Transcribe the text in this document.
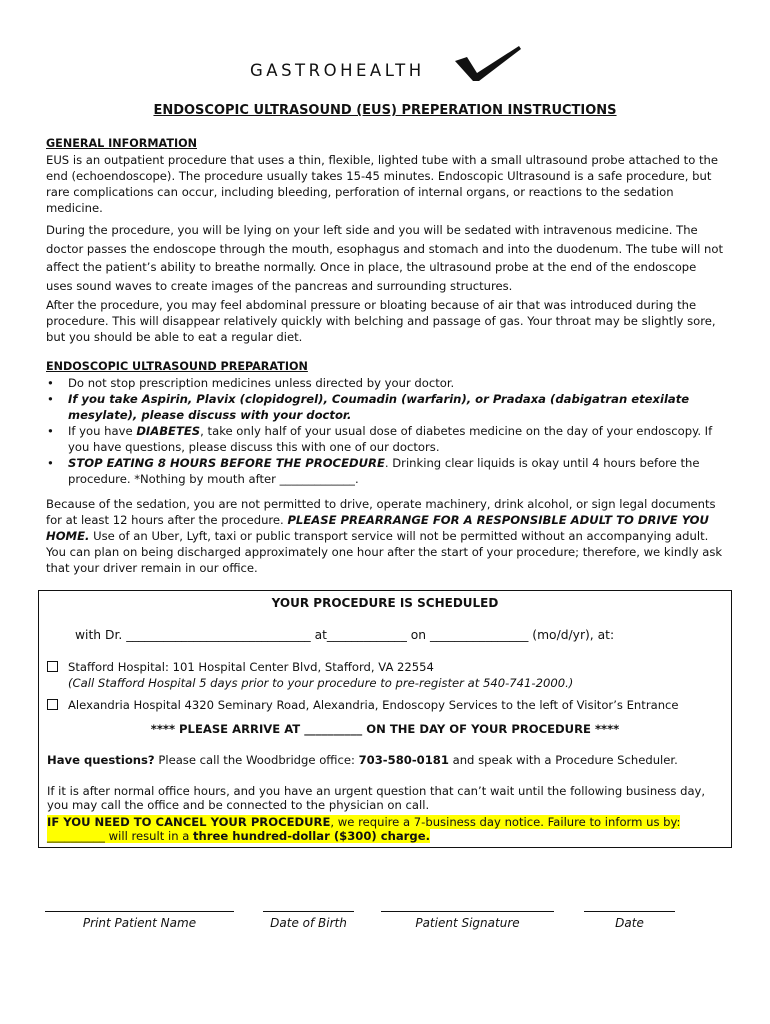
GASTROHEALTH
ENDOSCOPIC ULTRASOUND (EUS) PREPERATION INSTRUCTIONS
GENERAL INFORMATION

EUS is an outpatient procedure that uses a thin, flexible, lighted tube with a small ultrasound probe attached to the end (echoendoscope). The procedure usually takes 15-45 minutes. Endoscopic Ultrasound is a safe procedure, but rare complications can occur, including bleeding, perforation of internal organs, or reactions to the sedation medicine.

During the procedure, you will be lying on your left side and you will be sedated with intravenous medicine. The doctor passes the endoscope through the mouth, esophagus and stomach and into the duodenum. The tube will not affect the patient’s ability to breathe normally. Once in place, the ultrasound probe at the end of the endoscope uses sound waves to create images of the pancreas and surrounding structures.
After the procedure, you may feel abdominal pressure or bloating because of air that was introduced during the procedure. This will disappear relatively quickly with belching and passage of gas. Your throat may be slightly sore, but you should be able to eat a regular diet.
ENDOSCOPIC ULTRASOUND PREPARATION
• Do not stop prescription medicines unless directed by your doctor.
• If you take Aspirin, Plavix (clopidogrel), Coumadin (warfarin), or Pradaxa (dabigatran etexilate mesylate), please discuss with your doctor.
• If you have DIABETES, take only half of your usual dose of diabetes medicine on the day of your endoscopy. If you have questions, please discuss this with one of our doctors.
• STOP EATING 8 HOURS BEFORE THE PROCEDURE. Drinking clear liquids is okay until 4 hours before the procedure. *Nothing by mouth after _____________.
Because of the sedation, you are not permitted to drive, operate machinery, drink alcohol, or sign legal documents for at least 12 hours after the procedure. PLEASE PREARRANGE FOR A RESPONSIBLE ADULT TO DRIVE YOU HOME. Use of an Uber, Lyft, taxi or public transport service will not be permitted without an accompanying adult. You can plan on being discharged approximately one hour after the start of your procedure; therefore, we kindly ask that your driver remain in our office.
YOUR PROCEDURE IS SCHEDULED
with Dr. ______________________________ at_____________ on ________________ (mo/d/yr), at:
Stafford Hospital: 101 Hospital Center Blvd, Stafford, VA 22554
(Call Stafford Hospital 5 days prior to your procedure to pre-register at 540-741-2000.)
Alexandria Hospital 4320 Seminary Road, Alexandria, Endoscopy Services to the left of Visitor’s Entrance
**** PLEASE ARRIVE AT __________ ON THE DAY OF YOUR PROCEDURE ****
Have questions? Please call the Woodbridge office: 703-580-0181 and speak with a Procedure Scheduler.
If it is after normal office hours, and you have an urgent question that can’t wait until the following business day, you may call the office and be connected to the physician on call.
IF YOU NEED TO CANCEL YOUR PROCEDURE, we require a 7-business day notice. Failure to inform us by: __________ will result in a three hundred-dollar ($300) charge.
Print Patient Name	Date of Birth	Patient Signature	Date
